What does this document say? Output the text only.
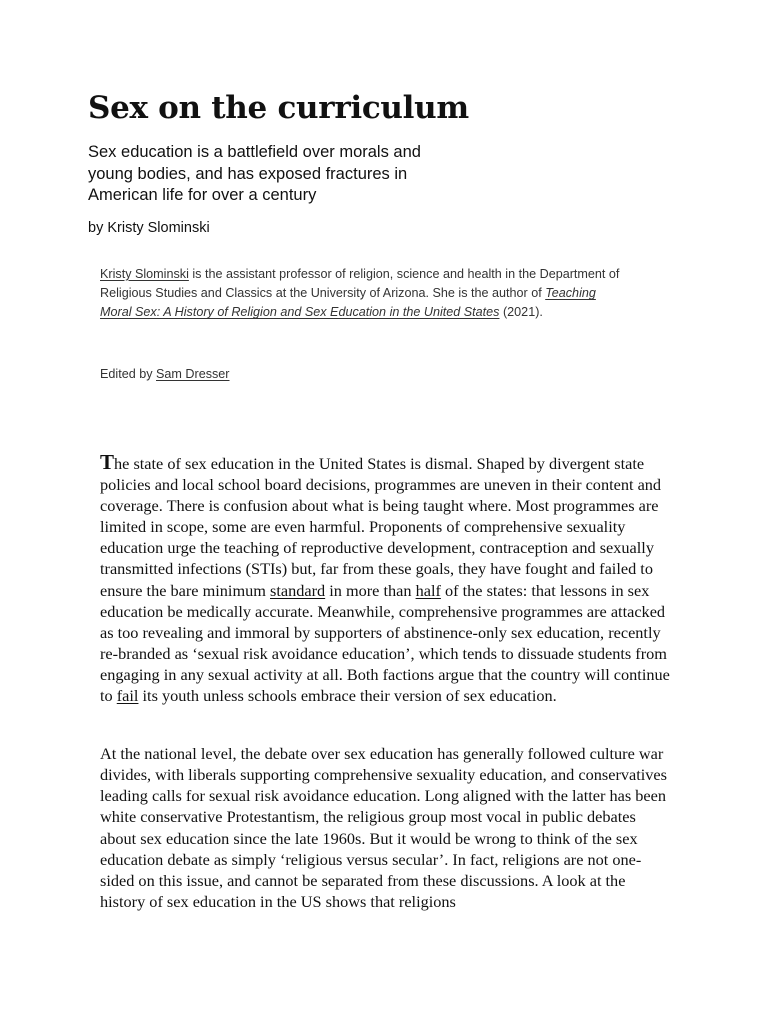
Sex on the curriculum
Sex education is a battlefield over morals and young bodies, and has exposed fractures in American life for over a century
by Kristy Slominski
Kristy Slominski is the assistant professor of religion, science and health in the Department of Religious Studies and Classics at the University of Arizona. She is the author of Teaching Moral Sex: A History of Religion and Sex Education in the United States (2021).
Edited by Sam Dresser

The state of sex education in the United States is dismal. Shaped by divergent state policies and local school board decisions, programmes are uneven in their content and coverage. There is confusion about what is being taught where. Most programmes are limited in scope, some are even harmful. Proponents of comprehensive sexuality education urge the teaching of reproductive development, contraception and sexually transmitted infections (STIs) but, far from these goals, they have fought and failed to ensure the bare minimum standard in more than half of the states: that lessons in sex education be medically accurate. Meanwhile, comprehensive programmes are attacked as too revealing and immoral by supporters of abstinence-only sex education, recently re-branded as ‘sexual risk avoidance education’, which tends to dissuade students from engaging in any sexual activity at all. Both factions argue that the country will continue to fail its youth unless schools embrace their version of sex education.

At the national level, the debate over sex education has generally followed culture war divides, with liberals supporting comprehensive sexuality education, and conservatives leading calls for sexual risk avoidance education. Long aligned with the latter has been white conservative Protestantism, the religious group most vocal in public debates about sex education since the late 1960s. But it would be wrong to think of the sex education debate as simply ‘religious versus secular’. In fact, religions are not one-sided on this issue, and cannot be separated from these discussions. A look at the history of sex education in the US shows that religions
